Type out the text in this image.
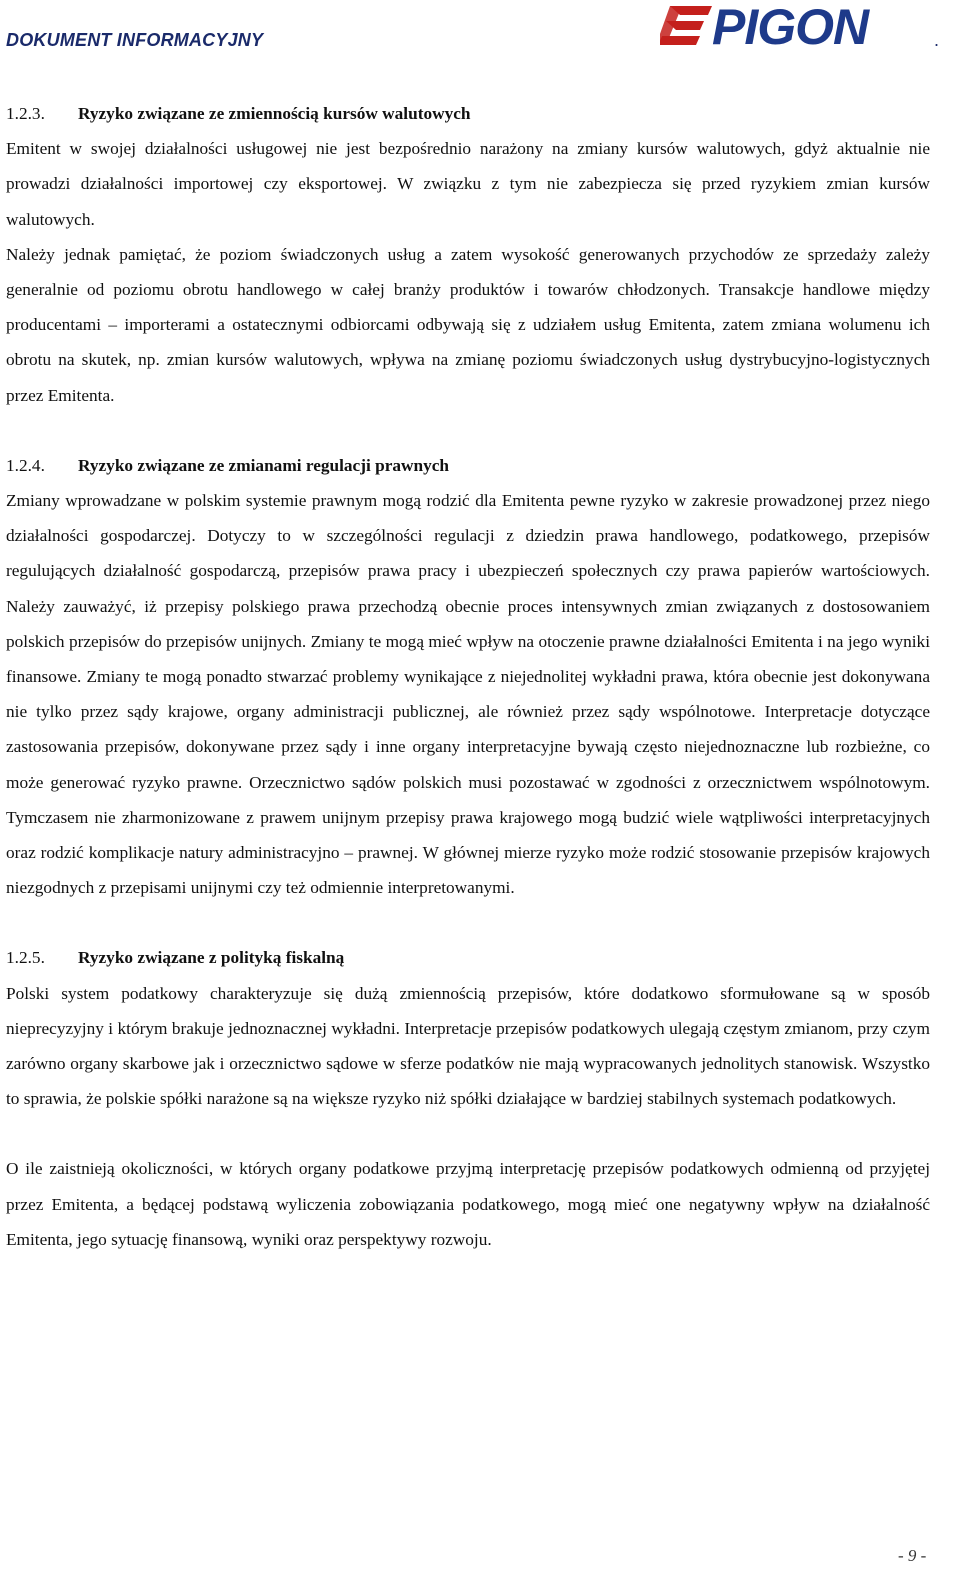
DOKUMENT INFORMACYJNY	PIGON	.
1.2.3.	Ryzyko związane ze zmiennością kursów walutowych

Emitent w swojej działalności usługowej nie jest bezpośrednio narażony na zmiany kursów walutowych, gdyż aktualnie nie prowadzi działalności importowej czy eksportowej. W związku z tym nie zabezpiecza się przed ryzykiem zmian kursów walutowych.

Należy jednak pamiętać, że poziom świadczonych usług a zatem wysokość generowanych przychodów ze sprzedaży zależy generalnie od poziomu obrotu handlowego w całej branży produktów i towarów chłodzonych. Transakcje handlowe między producentami – importerami a ostatecznymi odbiorcami odbywają się z udziałem usług Emitenta, zatem zmiana wolumenu ich obrotu na skutek, np. zmian kursów walutowych, wpływa na zmianę poziomu świadczonych usług dystrybucyjno-logistycznych przez Emitenta.

1.2.4.	Ryzyko związane ze zmianami regulacji prawnych

Zmiany wprowadzane w polskim systemie prawnym mogą rodzić dla Emitenta pewne ryzyko w zakresie prowadzonej przez niego działalności gospodarczej. Dotyczy to w szczególności regulacji z dziedzin prawa handlowego, podatkowego, przepisów regulujących działalność gospodarczą, przepisów prawa pracy i ubezpieczeń społecznych czy prawa papierów wartościowych. Należy zauważyć, iż przepisy polskiego prawa przechodzą obecnie proces intensywnych zmian związanych z dostosowaniem polskich przepisów do przepisów unijnych. Zmiany te mogą mieć wpływ na otoczenie prawne działalności Emitenta i na jego wyniki finansowe. Zmiany te mogą ponadto stwarzać problemy wynikające z niejednolitej wykładni prawa, która obecnie jest dokonywana nie tylko przez sądy krajowe, organy administracji publicznej, ale również przez sądy wspólnotowe. Interpretacje dotyczące zastosowania przepisów, dokonywane przez sądy i inne organy interpretacyjne bywają często niejednoznaczne lub rozbieżne, co może generować ryzyko prawne. Orzecznictwo sądów polskich musi pozostawać w zgodności z orzecznictwem wspólnotowym. Tymczasem nie zharmonizowane z prawem unijnym przepisy prawa krajowego mogą budzić wiele wątpliwości interpretacyjnych oraz rodzić komplikacje natury administracyjno – prawnej. W głównej mierze ryzyko może rodzić stosowanie przepisów krajowych niezgodnych z przepisami unijnymi czy też odmiennie interpretowanymi.

1.2.5.	Ryzyko związane z polityką fiskalną

Polski system podatkowy charakteryzuje się dużą zmiennością przepisów, które dodatkowo sformułowane są w sposób nieprecyzyjny i którym brakuje jednoznacznej wykładni. Interpretacje przepisów podatkowych ulegają częstym zmianom, przy czym zarówno organy skarbowe jak i orzecznictwo sądowe w sferze podatków nie mają wypracowanych jednolitych stanowisk. Wszystko to sprawia, że polskie spółki narażone są na większe ryzyko niż spółki działające w bardziej stabilnych systemach podatkowych.

O ile zaistnieją okoliczności, w których organy podatkowe przyjmą interpretację przepisów podatkowych odmienną od przyjętej przez Emitenta, a będącej podstawą wyliczenia zobowiązania podatkowego, mogą mieć one negatywny wpływ na działalność Emitenta, jego sytuację finansową, wyniki oraz perspektywy rozwoju.

- 9 -
